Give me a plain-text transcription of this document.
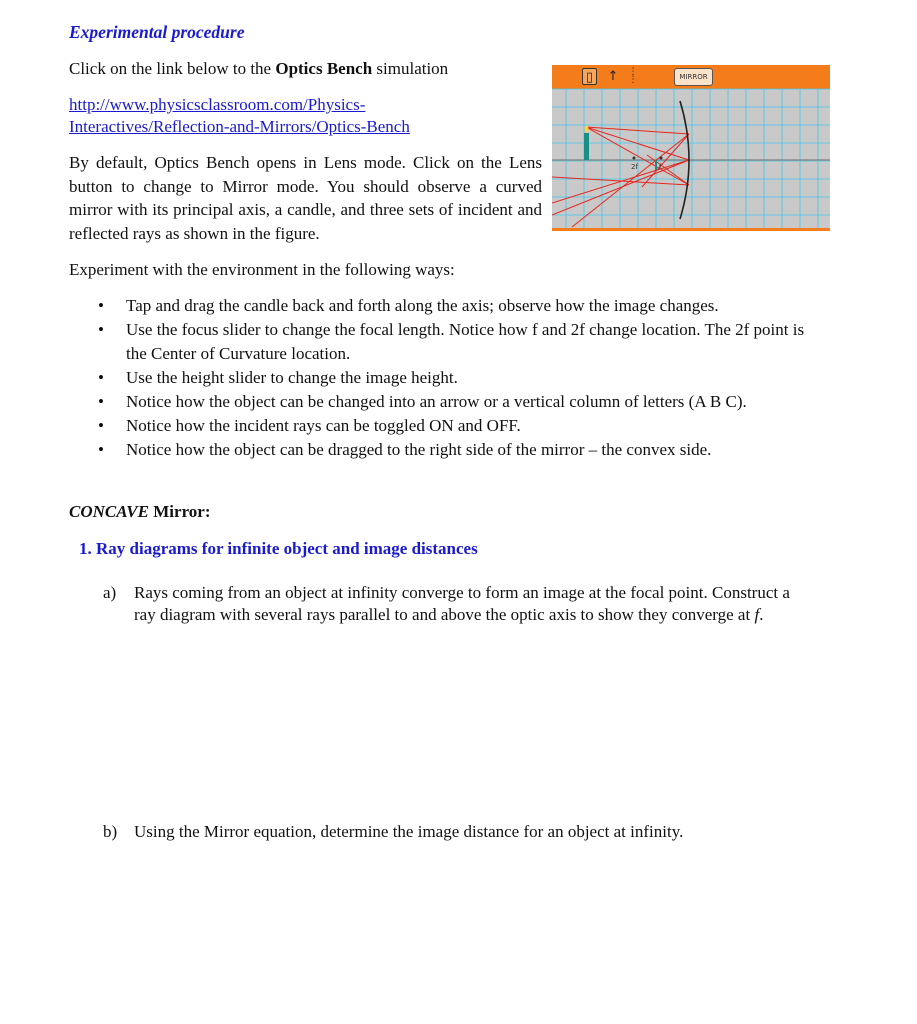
Experimental procedure
Click on the link below to the Optics Bench simulation
http://www.physicsclassroom.com/Physics-
Interactives/Reflection-and-Mirrors/Optics-Bench
By default, Optics Bench opens in Lens mode. Click on the Lens button to change to Mirror mode. You should observe a curved mirror with its principal axis, a candle, and three sets of incident and reflected rays as shown in the figure.
▯	↑ ⋮
⋮	MIRROR
2f	f
Experiment with the environment in the following ways:
• Tap and drag the candle back and forth along the axis; observe how the image changes.
• Use the focus slider to change the focal length. Notice how f and 2f change location. The 2f point is the Center of Curvature location.
• Use the height slider to change the image height.
• Notice how the object can be changed into an arrow or a vertical column of letters (A B C).
• Notice how the incident rays can be toggled ON and OFF.
• Notice how the object can be dragged to the right side of the mirror – the convex side.
CONCAVE Mirror:
1. Ray diagrams for infinite object and image distances
a) Rays coming from an object at infinity converge to form an image at the focal point. Construct a ray diagram with several rays parallel to and above the optic axis to show they converge at f.
b) Using the Mirror equation, determine the image distance for an object at infinity.
